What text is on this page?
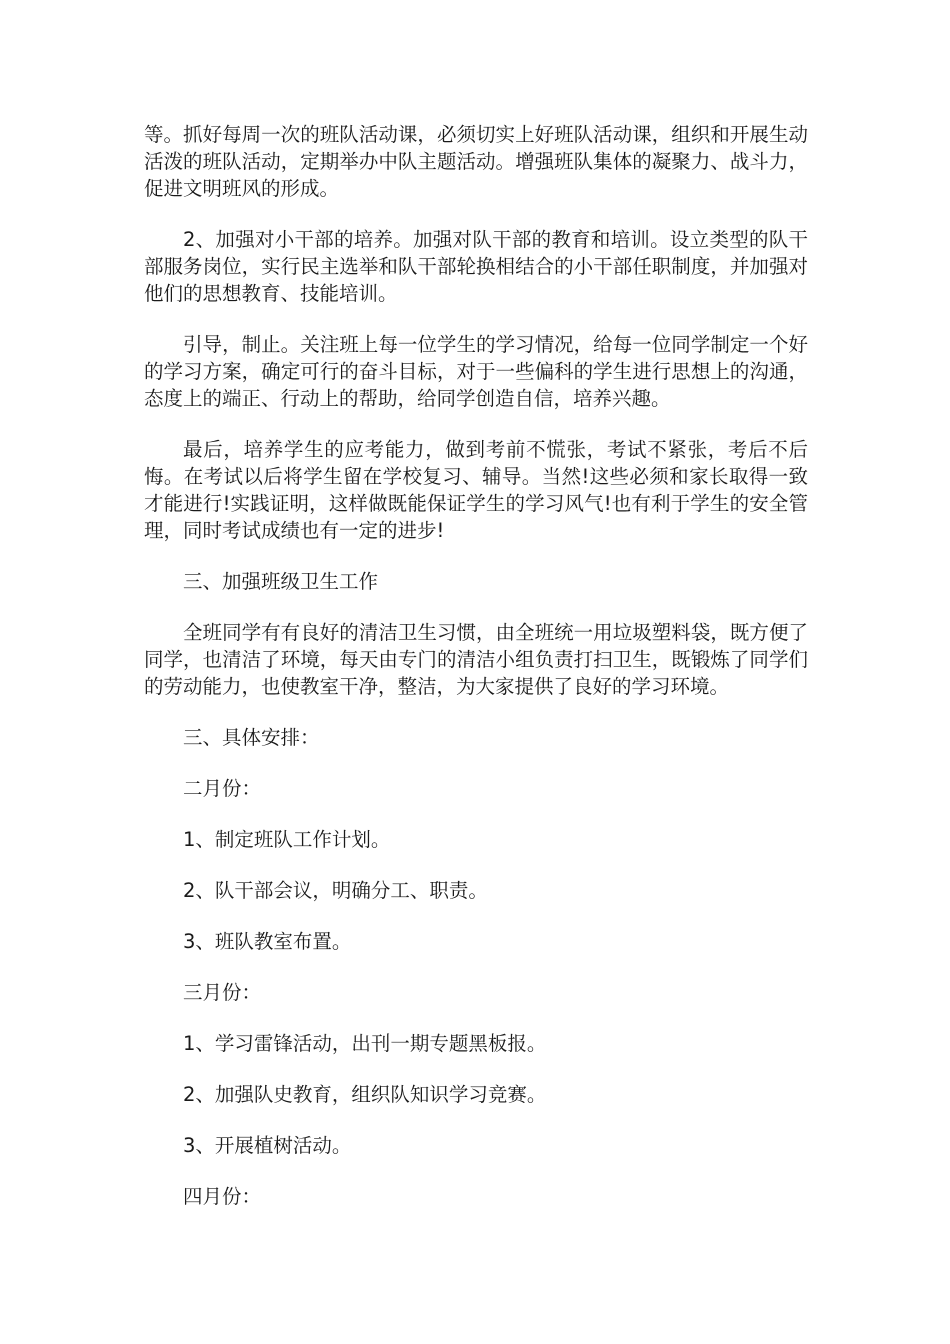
等。抓好每周一次的班队活动课，必须切实上好班队活动课，组织和开展生动活泼的班队活动，定期举办中队主题活动。增强班队集体的凝聚力、战斗力，促进文明班风的形成。

2、加强对小干部的培养。加强对队干部的教育和培训。设立类型的队干部服务岗位，实行民主选举和队干部轮换相结合的小干部任职制度，并加强对他们的思想教育、技能培训。

引导，制止。关注班上每一位学生的学习情况，给每一位同学制定一个好的学习方案，确定可行的奋斗目标，对于一些偏科的学生进行思想上的沟通，态度上的端正、行动上的帮助，给同学创造自信，培养兴趣。

最后，培养学生的应考能力，做到考前不慌张，考试不紧张，考后不后悔。在考试以后将学生留在学校复习、辅导。当然!这些必须和家长取得一致才能进行!实践证明，这样做既能保证学生的学习风气!也有利于学生的安全管理，同时考试成绩也有一定的进步!

三、加强班级卫生工作

全班同学有有良好的清洁卫生习惯，由全班统一用垃圾塑料袋，既方便了同学，也清洁了环境，每天由专门的清洁小组负责打扫卫生，既锻炼了同学们的劳动能力，也使教室干净，整洁，为大家提供了良好的学习环境。

三、具体安排：

二月份：

1、制定班队工作计划。

2、队干部会议，明确分工、职责。

3、班队教室布置。

三月份：

1、学习雷锋活动，出刊一期专题黑板报。

2、加强队史教育，组织队知识学习竞赛。

3、开展植树活动。

四月份：
